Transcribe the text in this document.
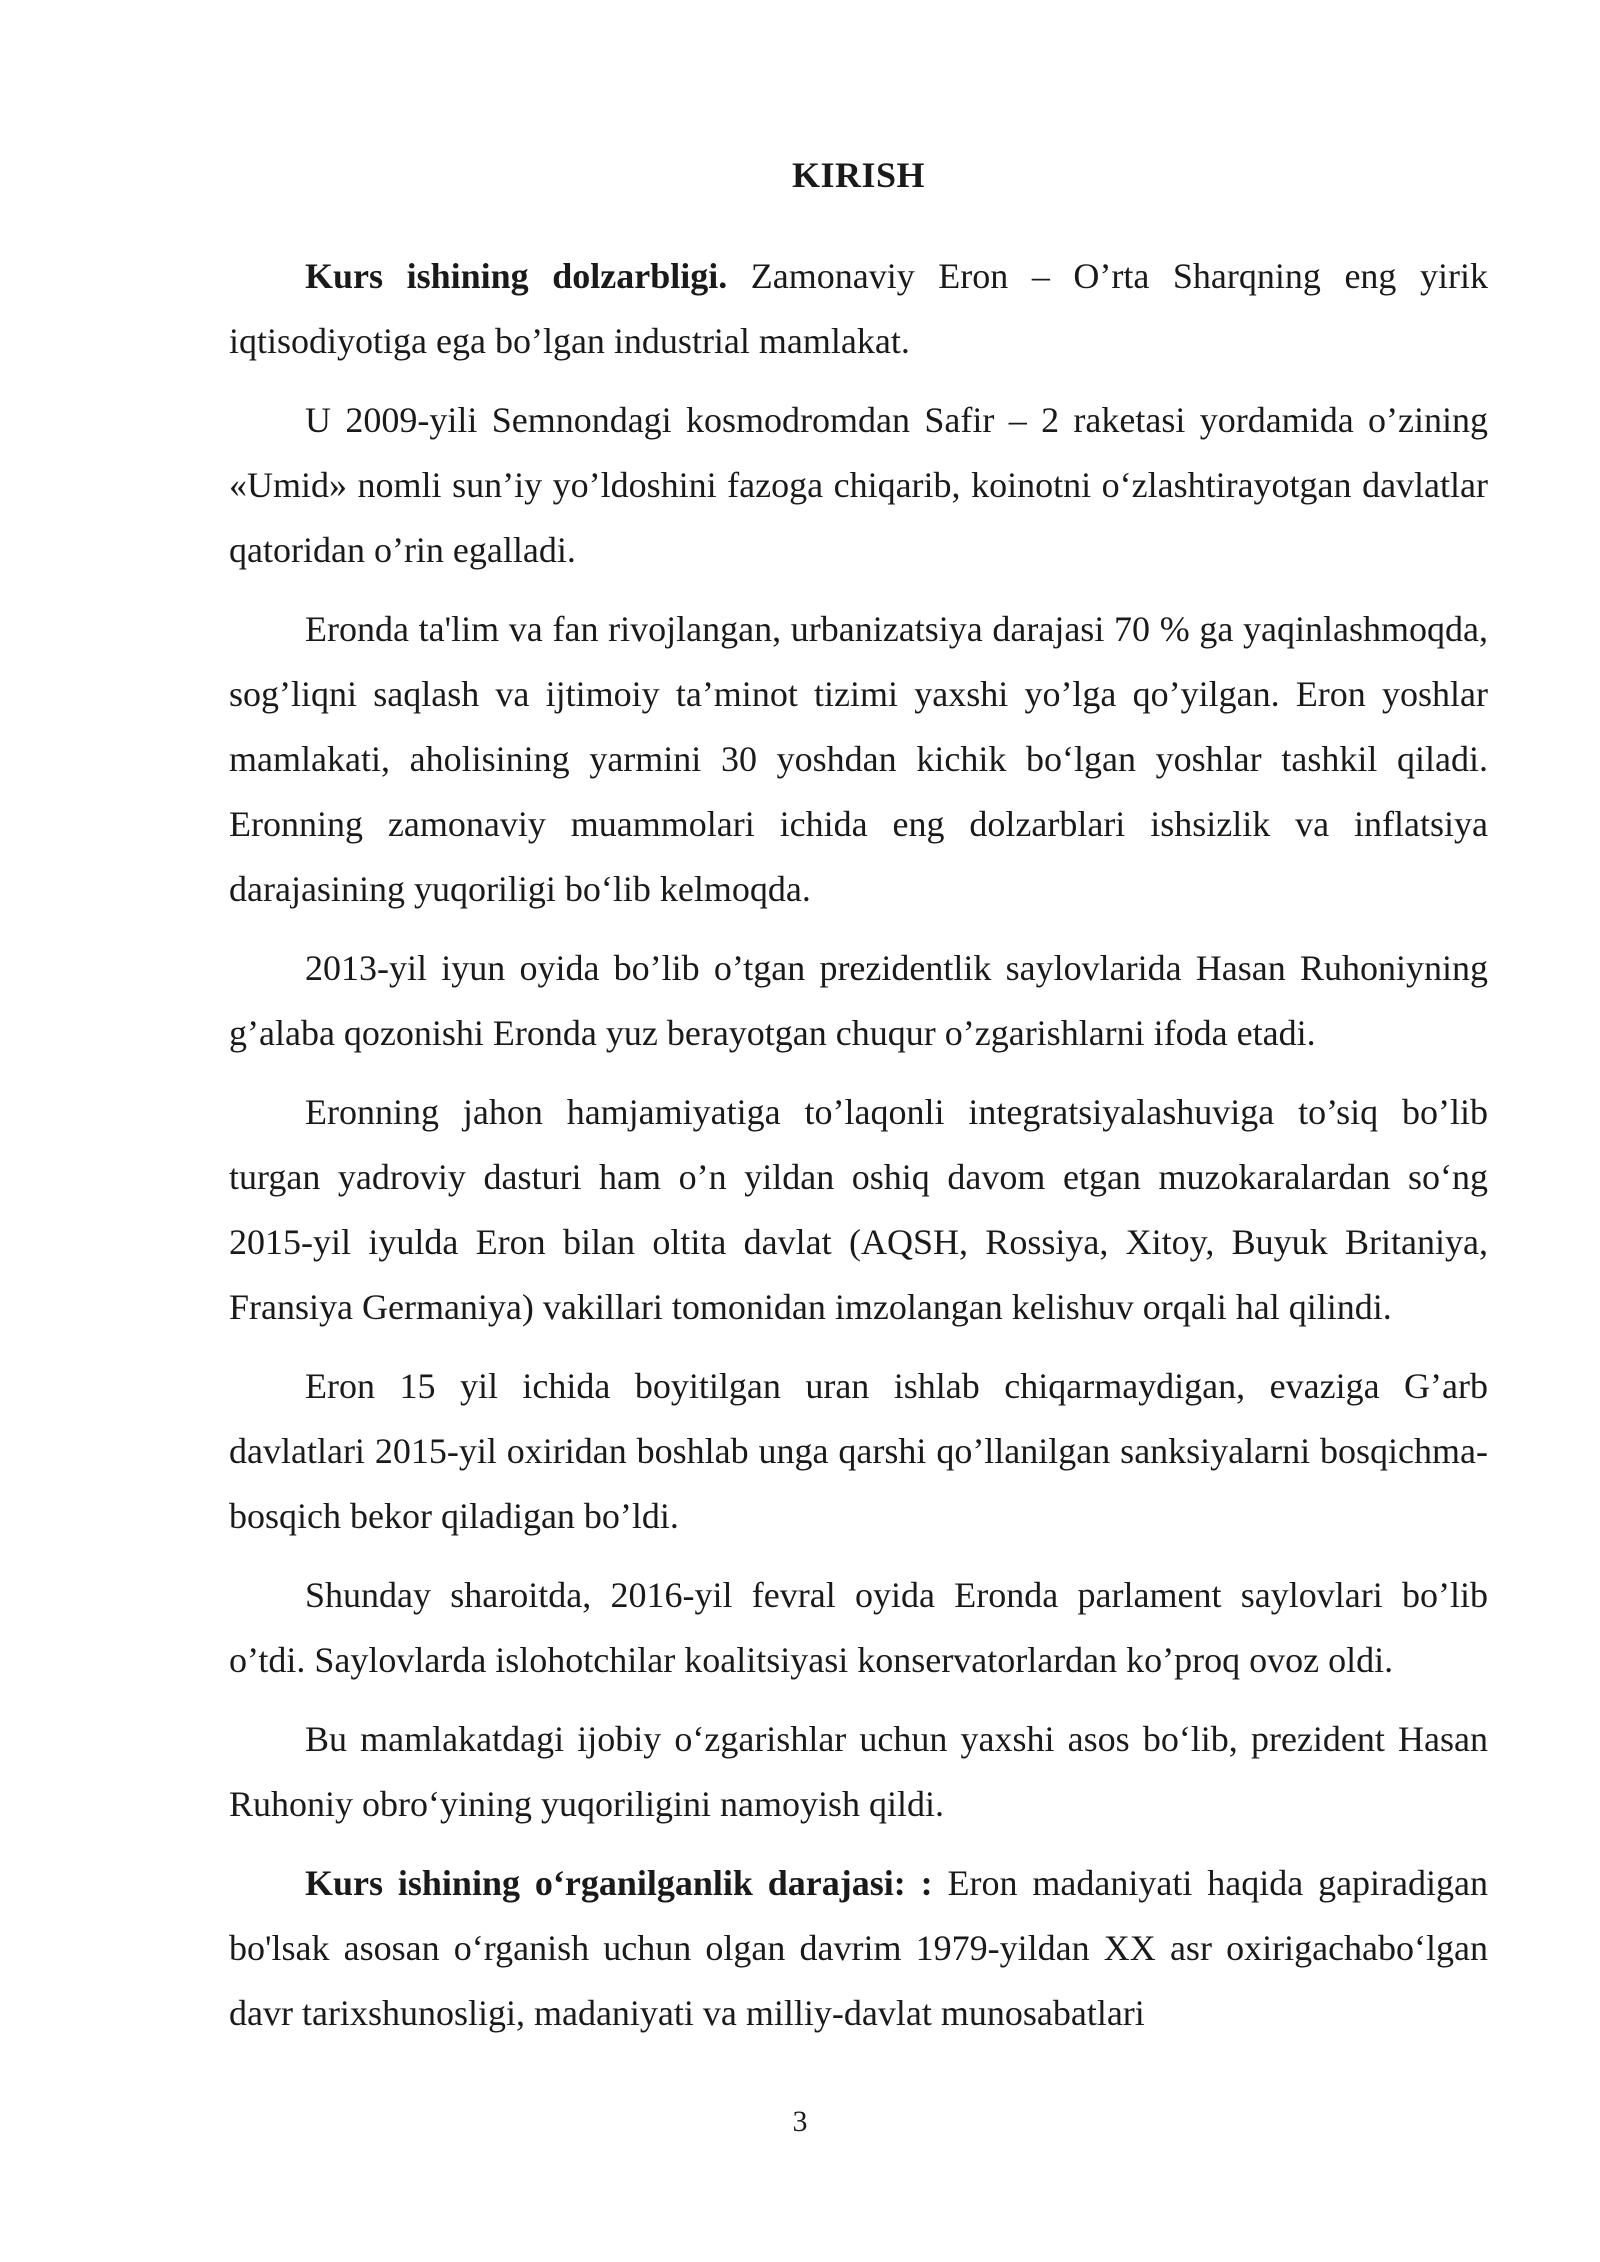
KIRISH

Kurs ishining dolzarbligi. Zamonaviy Eron – O’rta Sharqning eng yirik iqtisodiyotiga ega bo’lgan industrial mamlakat.

U 2009-yili Semnondagi kosmodromdan Safir – 2 raketasi yordamida o’zining «Umid» nomli sun’iy yo’ldoshini fazoga chiqarib, koinotni oʻzlashtirayotgan davlatlar qatoridan o’rin egalladi.

Eronda ta'lim va fan rivojlangan, urbanizatsiya darajasi 70 % ga yaqinlashmoqda, sog’liqni saqlash va ijtimoiy ta’minot tizimi yaxshi yo’lga qo’yilgan. Eron yoshlar mamlakati, aholisining yarmini 30 yoshdan kichik boʻlgan yoshlar tashkil qiladi. Eronning zamonaviy muammolari ichida eng dolzarblari ishsizlik va inflatsiya darajasining yuqoriligi boʻlib kelmoqda.

2013-yil iyun oyida bo’lib o’tgan prezidentlik saylovlarida Hasan Ruhoniyning g’alaba qozonishi Eronda yuz berayotgan chuqur o’zgarishlarni ifoda etadi.

Eronning jahon hamjamiyatiga to’laqonli integratsiyalashuviga to’siq bo’lib turgan yadroviy dasturi ham o’n yildan oshiq davom etgan muzokaralardan soʻng 2015-yil iyulda Eron bilan oltita davlat (AQSH, Rossiya, Xitoy, Buyuk Britaniya, Fransiya Germaniya) vakillari tomonidan imzolangan kelishuv orqali hal qilindi.

Eron 15 yil ichida boyitilgan uran ishlab chiqarmaydigan, evaziga G’arb davlatlari 2015-yil oxiridan boshlab unga qarshi qo’llanilgan sanksiyalarni bosqichma-bosqich bekor qiladigan bo’ldi.

Shunday sharoitda, 2016-yil fevral oyida Eronda parlament saylovlari bo’lib o’tdi. Saylovlarda islohotchilar koalitsiyasi konservatorlardan ko’proq ovoz oldi.

Bu mamlakatdagi ijobiy oʻzgarishlar uchun yaxshi asos boʻlib, prezident Hasan Ruhoniy obroʻyining yuqoriligini namoyish qildi.

Kurs ishining oʻrganilganlik darajasi: : Eron madaniyati haqida gapiradigan bo'lsak asosan oʻrganish uchun olgan davrim 1979-yildan XX asr oxirigachaboʻlgan davr tarixshunosligi, madaniyati va milliy-davlat munosabatlari

3
